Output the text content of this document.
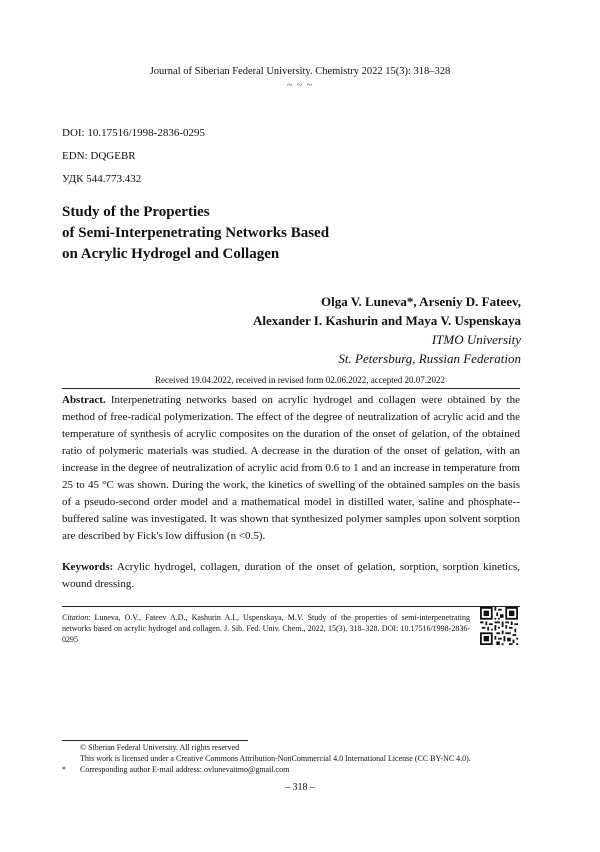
Journal of Siberian Federal University. Chemistry 2022 15(3): 318–328
~ ~ ~
DOI: 10.17516/1998-2836-0295
EDN: DQGEBR
УДК 544.773.432
Study of the Properties
of Semi-Interpenetrating Networks Based
on Acrylic Hydrogel and Collagen
Olga V. Luneva*, Arseniy D. Fateev,
Alexander I. Kashurin and Maya V. Uspenskaya
ITMO University
St. Petersburg, Russian Federation
Received 19.04.2022, received in revised form 02.06.2022, accepted 20.07.2022
Abstract. Interpenetrating networks based on acrylic hydrogel and collagen were obtained by the method of free-radical polymerization. The effect of the degree of neutralization of acrylic acid and the temperature of synthesis of acrylic composites on the duration of the onset of gelation, of the obtained ratio of polymeric materials was studied. A decrease in the duration of the onset of gelation, with an increase in the degree of neutralization of acrylic acid from 0.6 to 1 and an increase in temperature from 25 to 45 °C was shown. During the work, the kinetics of swelling of the obtained samples on the basis of a pseudo-second order model and a mathematical model in distilled water, saline and phosphate-- buffered saline was investigated. It was shown that synthesized polymer samples upon solvent sorption are described by Fick's low diffusion (n <0.5).
Keywords: Acrylic hydrogel, collagen, duration of the onset of gelation, sorption, sorption kinetics, wound dressing.
Citation: Luneva, O.V., Fateev A.D., Kashurin A.I., Uspenskaya, M.V. Study of the properties of semi-interpenetrating networks based on acrylic hydrogel and collagen. J. Sib. Fed. Univ. Chem., 2022, 15(3), 318–328. DOI: 10.17516/1998-2836-0295
© Siberian Federal University. All rights reserved
This work is licensed under a Creative Commons Attribution-NonCommercial 4.0 International License (CC BY-NC 4.0).
* Corresponding author E-mail address: ovlunevaitmo@gmail.com
– 318 –
